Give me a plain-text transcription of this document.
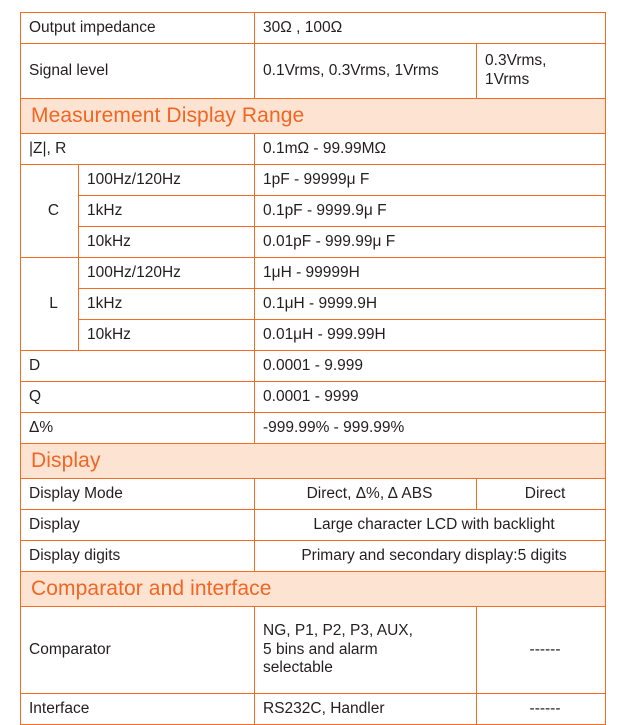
Output impedance		30Ω , 100Ω	
Signal level		0.1Vrms, 0.3Vrms, 1Vrms	0.3Vrms,
1Vrms

Measurement Display Range			
|Z|, R		0.1mΩ - 99.99MΩ	
C	100Hz/120Hz	1pF - 99999μ F	
	1kHz	0.1pF - 9999.9μ F	
	10kHz	0.01pF - 999.99μ F	
L	100Hz/120Hz	1μH - 99999H	
	1kHz	0.1μH - 9999.9H	
	10kHz	0.01μH - 999.99H	
D		0.0001 - 9.999	
Q		0.0001 - 9999	
Δ%		-999.99% - 999.99%	
Display			
Display Mode		Direct, Δ%, Δ ABS	Direct
Display		Large character LCD with backlight	
Display digits		Primary and secondary display:5 digits	
Comparator and interface			
Comparator		NG, P1, P2, P3, AUX,
5 bins and alarm
selectable	------
Interface		RS232C, Handler	------
